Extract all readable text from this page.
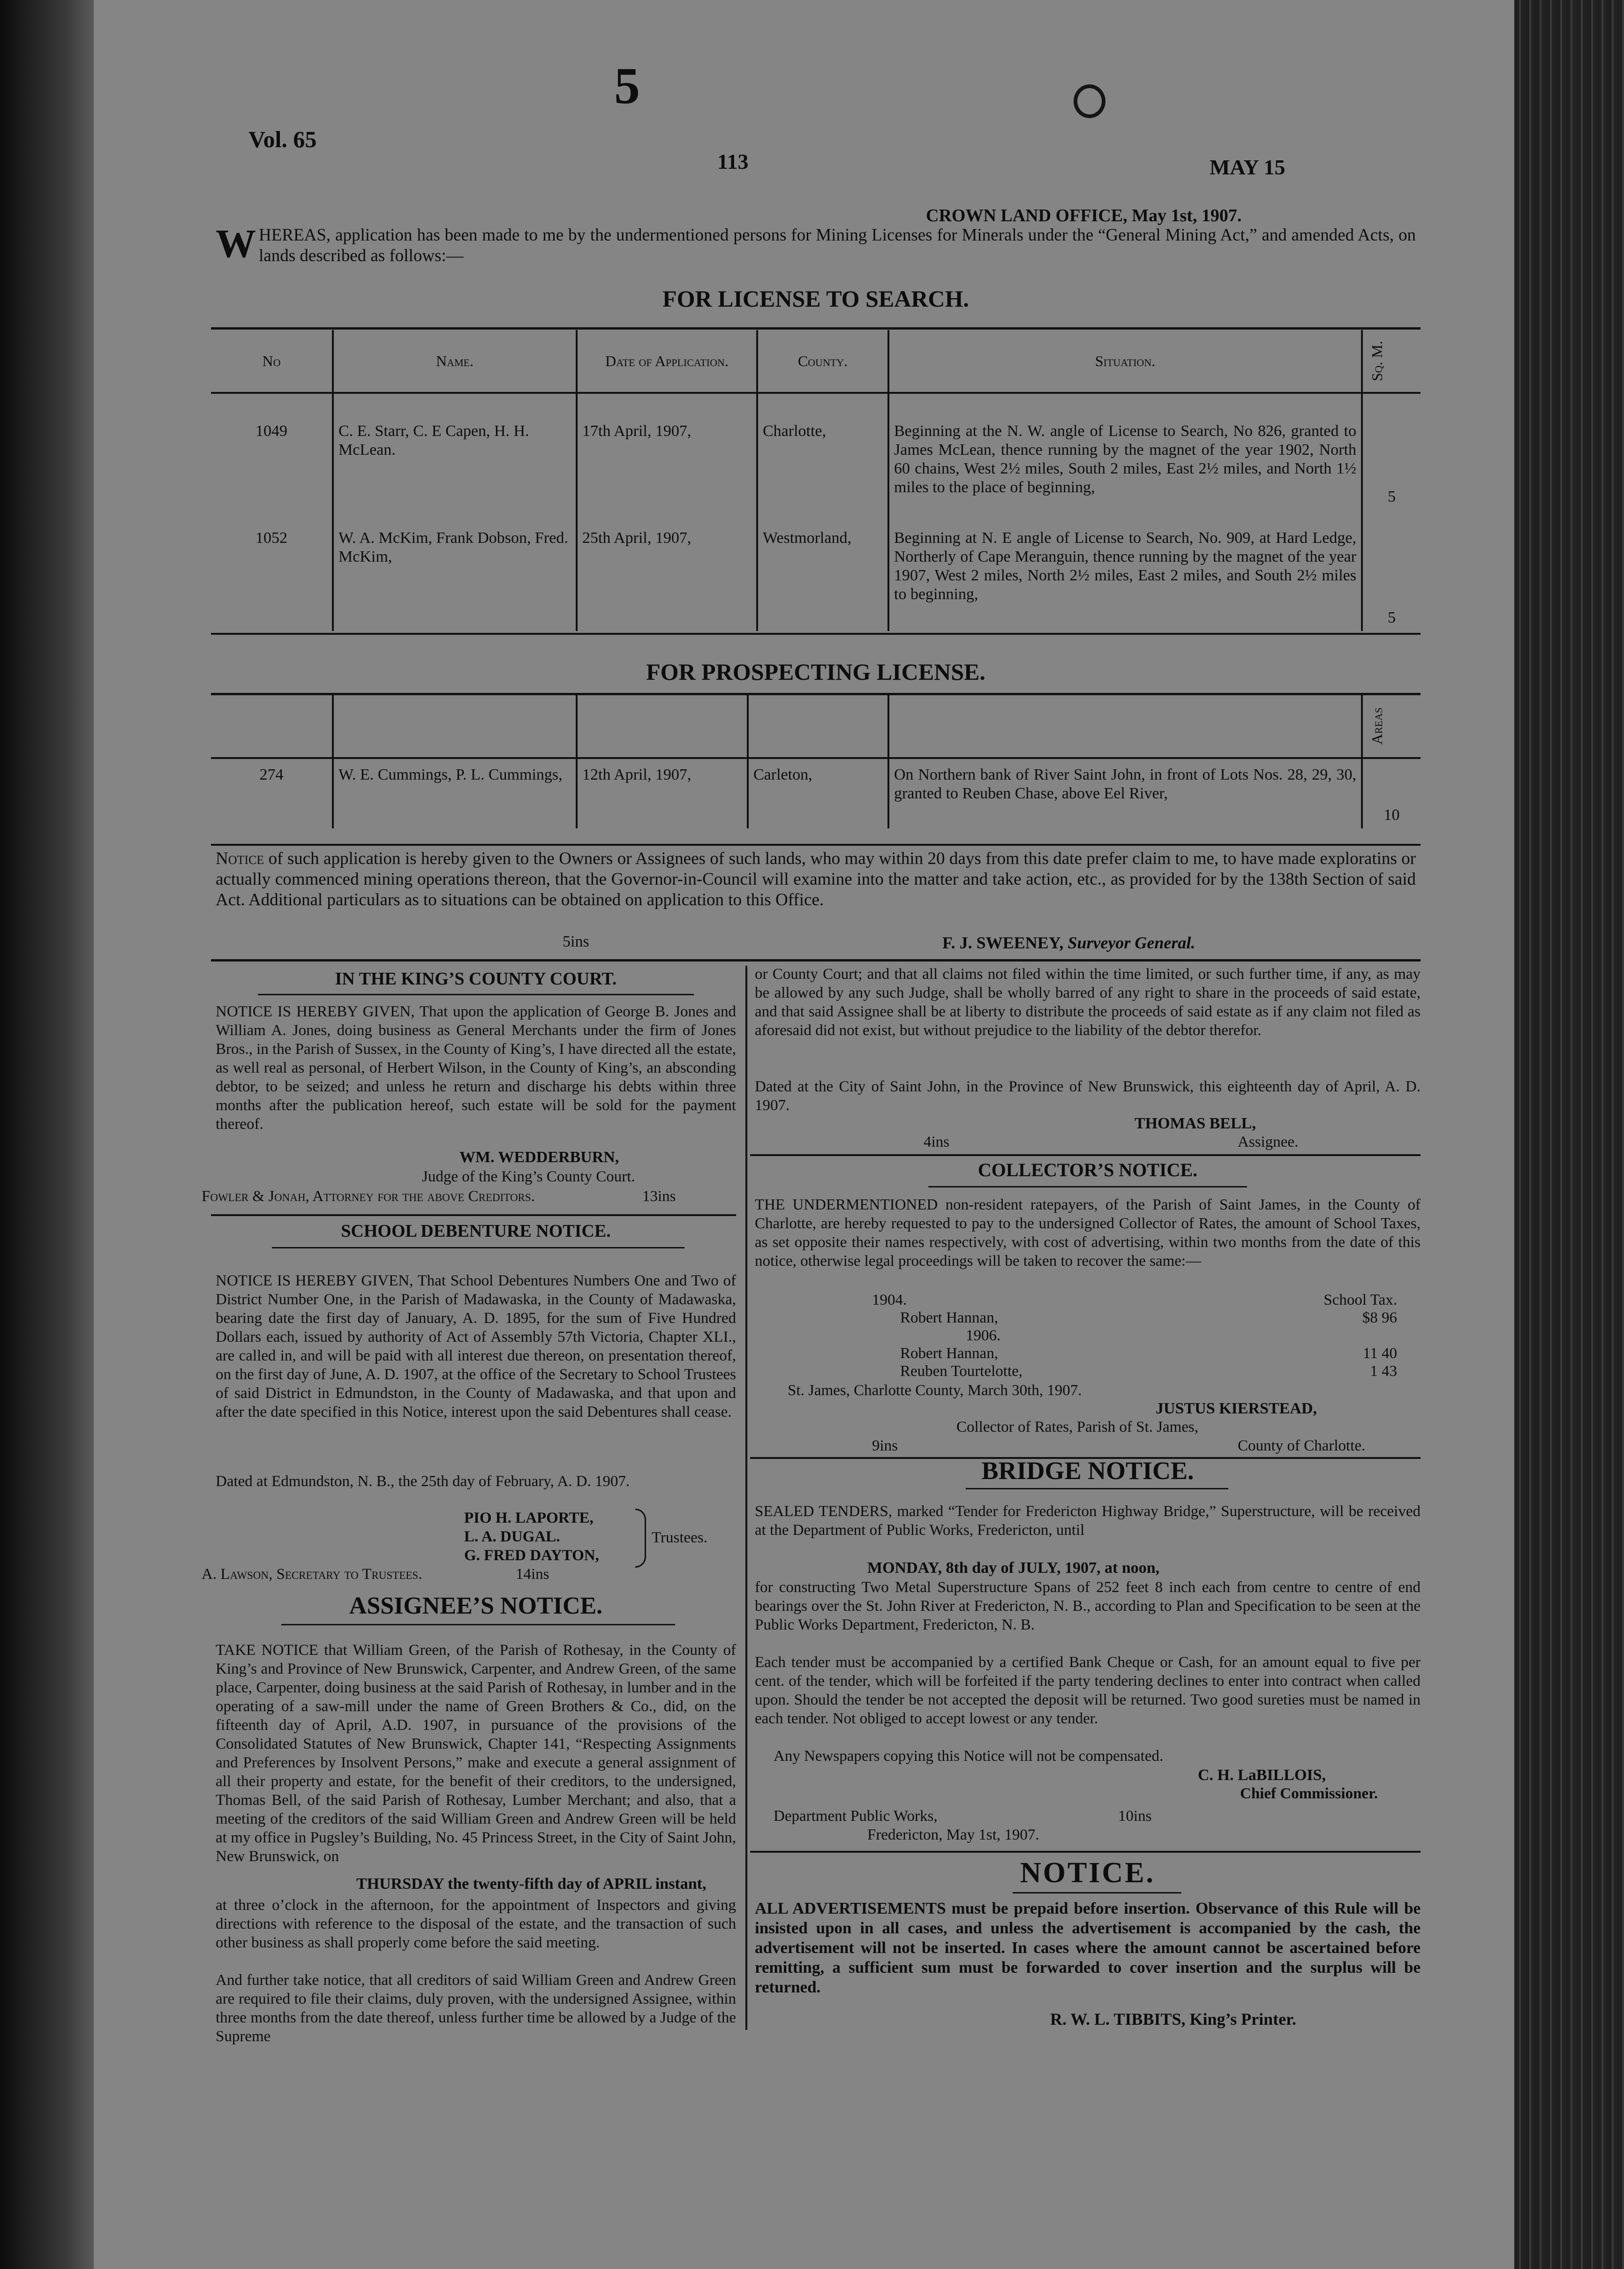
5
Vol. 65
113	MAY 15
CROWN LAND OFFICE, May 1st, 1907.
WHEREAS, application has been made to me by the undermentioned persons for Mining Licenses for Minerals under the “General Mining Act,” and amended Acts, on lands described as follows:—
FOR LICENSE TO SEARCH.
No	Name.	Date of Application.	County.	Situation.	Sq. M.

1049	C. E. Starr, C. E Capen, H. H. McLean.	17th April, 1907,	Charlotte,	Beginning at the N. W. angle of License to Search, No 826, granted to James McLean, thence running by the magnet of the year 1902, North 60 chains, West 2½ miles, South 2 miles, East 2½ miles, and North 1½ miles to the place of beginning,	5
1052	W. A. McKim, Frank Dobson, Fred. McKim,	25th April, 1907,	Westmorland,	Beginning at N. E angle of License to Search, No. 909, at Hard Ledge, Northerly of Cape Meranguin, thence running by the magnet of the year 1907, West 2 miles, North 2½ miles, East 2 miles, and South 2½ miles to beginning,	5
FOR PROSPECTING LICENSE.

					Areas

274	W. E. Cummings, P. L. Cummings,	12th April, 1907,	Carleton,	On Northern bank of River Saint John, in front of Lots Nos. 28, 29, 30, granted to Reuben Chase, above Eel River,	10
Notice of such application is hereby given to the Owners or Assignees of such lands, who may within 20 days from this date prefer claim to me, to have made exploratins or actually commenced mining operations thereon, that the Governor-in-Council will examine into the matter and take action, etc., as provided for by the 138th Section of said Act. Additional particulars as to situations can be obtained on application to this Office.
5ins	F. J. SWEENEY, Surveyor General.
IN THE KING’S COUNTY COURT.
NOTICE IS HEREBY GIVEN, That upon the application of George B. Jones and William A. Jones, doing business as General Merchants under the firm of Jones Bros., in the Parish of Sussex, in the County of King’s, I have directed all the estate, as well real as personal, of Herbert Wilson, in the County of King’s, an absconding debtor, to be seized; and unless he return and discharge his debts within three months after the publication hereof, such estate will be sold for the payment thereof.
WM. WEDDERBURN,
Judge of the King’s County Court.
Fowler & Jonah, Attorney for the above Creditors.	13ins
SCHOOL DEBENTURE NOTICE.
NOTICE IS HEREBY GIVEN, That School Debentures Numbers One and Two of District Number One, in the Parish of Madawaska, in the County of Madawaska, bearing date the first day of January, A. D. 1895, for the sum of Five Hundred Dollars each, issued by authority of Act of Assembly 57th Victoria, Chapter XLI., are called in, and will be paid with all interest due thereon, on presentation thereof, on the first day of June, A. D. 1907, at the office of the Secretary to School Trustees of said District in Edmundston, in the County of Madawaska, and that upon and after the date specified in this Notice, interest upon the said Debentures shall cease.
Dated at Edmundston, N. B., the 25th day of February, A. D. 1907.
PIO H. LAPORTE,
L. A. DUGAL.
G. FRED DAYTON,
Trustees.
A. Lawson, Secretary to Trustees.	14ins
ASSIGNEE’S NOTICE.
TAKE NOTICE that William Green, of the Parish of Rothesay, in the County of King’s and Province of New Brunswick, Carpenter, and Andrew Green, of the same place, Carpenter, doing business at the said Parish of Rothesay, in lumber and in the operating of a saw-mill under the name of Green Brothers & Co., did, on the fifteenth day of April, A.D. 1907, in pursuance of the provisions of the Consolidated Statutes of New Brunswick, Chapter 141, “Respecting Assignments and Preferences by Insolvent Persons,” make and execute a general assignment of all their property and estate, for the benefit of their creditors, to the undersigned, Thomas Bell, of the said Parish of Rothesay, Lumber Merchant; and also, that a meeting of the creditors of the said William Green and Andrew Green will be held at my office in Pugsley’s Building, No. 45 Princess Street, in the City of Saint John, New Brunswick, on
THURSDAY the twenty-fifth day of APRIL instant,
at three o’clock in the afternoon, for the appointment of Inspectors and giving directions with reference to the disposal of the estate, and the transaction of such other business as shall properly come before the said meeting.
And further take notice, that all creditors of said William Green and Andrew Green are required to file their claims, duly proven, with the undersigned Assignee, within three months from the date thereof, unless further time be allowed by a Judge of the Supreme
or County Court; and that all claims not filed within the time limited, or such further time, if any, as may be allowed by any such Judge, shall be wholly barred of any right to share in the proceeds of said estate, and that said Assignee shall be at liberty to distribute the proceeds of said estate as if any claim not filed as aforesaid did not exist, but without prejudice to the liability of the debtor therefor.
Dated at the City of Saint John, in the Province of New Brunswick, this eighteenth day of April, A. D. 1907.
THOMAS BELL,
4ins	Assignee.
COLLECTOR’S NOTICE.
THE UNDERMENTIONED non-resident ratepayers, of the Parish of Saint James, in the County of Charlotte, are hereby requested to pay to the undersigned Collector of Rates, the amount of School Taxes, as set opposite their names respectively, with cost of advertising, within two months from the date of this notice, otherwise legal proceedings will be taken to recover the same:—
1904.	School Tax.
Robert Hannan,	$8 96
1906.
Robert Hannan,	11 40
Reuben Tourtelotte,	1 43
St. James, Charlotte County, March 30th, 1907.
JUSTUS KIERSTEAD,
Collector of Rates, Parish of St. James,
9ins	County of Charlotte.
BRIDGE NOTICE.
SEALED TENDERS, marked “Tender for Fredericton Highway Bridge,” Superstructure, will be received at the Department of Public Works, Fredericton, until
MONDAY, 8th day of JULY, 1907, at noon,
for constructing Two Metal Superstructure Spans of 252 feet 8 inch each from centre to centre of end bearings over the St. John River at Fredericton, N. B., according to Plan and Specification to be seen at the Public Works Department, Fredericton, N. B.
Each tender must be accompanied by a certified Bank Cheque or Cash, for an amount equal to five per cent. of the tender, which will be forfeited if the party tendering declines to enter into contract when called upon. Should the tender be not accepted the deposit will be returned. Two good sureties must be named in each tender. Not obliged to accept lowest or any tender.
Any Newspapers copying this Notice will not be compensated.
C. H. LaBILLOIS,
Chief Commissioner.
Department Public Works,	10ins
Fredericton, May 1st, 1907.
NOTICE.
ALL ADVERTISEMENTS must be prepaid before insertion. Observance of this Rule will be insisted upon in all cases, and unless the advertisement is accompanied by the cash, the advertisement will not be inserted. In cases where the amount cannot be ascertained before remitting, a sufficient sum must be forwarded to cover insertion and the surplus will be returned.
R. W. L. TIBBITS, King’s Printer.
